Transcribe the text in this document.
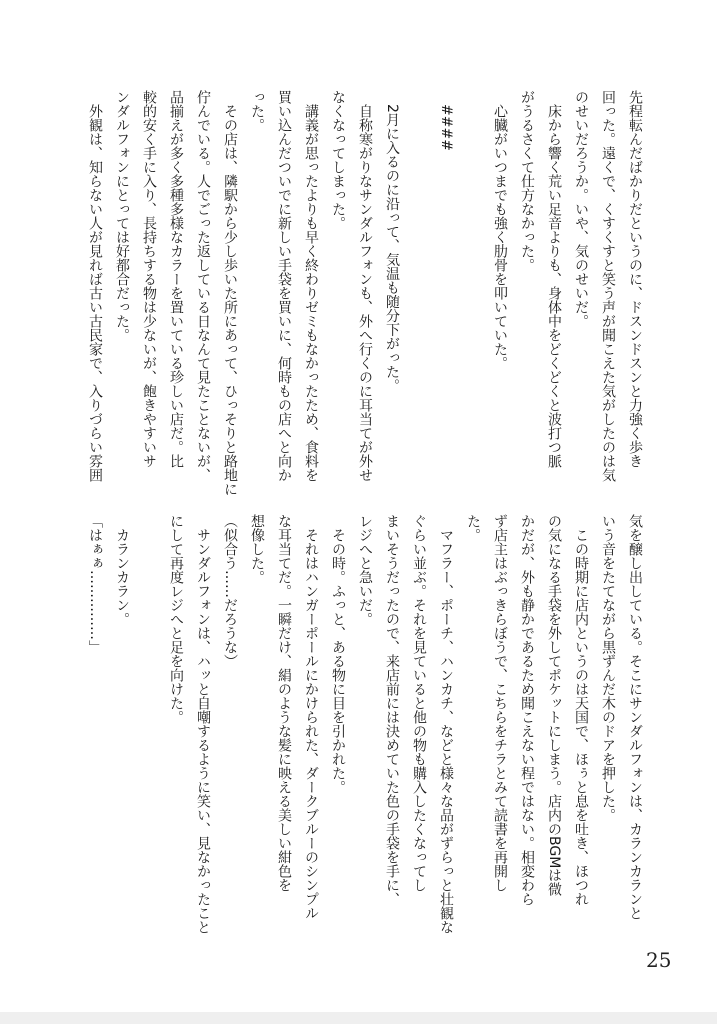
先程転んだばかりだというのに、ドスンドスンと力強く歩き
回った。遠くで、くすくすと笑う声が聞こえた気がしたのは気
のせいだろうか。いや、気のせいだ。
　床から響く荒い足音よりも、身体中をどくどくと波打つ脈
がうるさくて仕方なかった。
　心臓がいつまでも強く肋骨を叩いていた。
　####
　2月に入るのに沿って、気温も随分下がった。
　自称寒がりなサンダルフォンも、外へ行くのに耳当てが外せ
なくなってしまった。
　講義が思ったよりも早く終わりゼミもなかったため、食料を
買い込んだついでに新しい手袋を買いに、何時もの店へと向か
った。
　その店は、隣駅から少し歩いた所にあって、ひっそりと路地に
佇んでいる。人でごった返している日なんて見たことないが、
品揃えが多く多種多様なカラーを置いている珍しい店だ。比
較的安く手に入り、長持ちする物は少ないが、飽きやすいサ
ンダルフォンにとっては好都合だった。
　外観は、知らない人が見れば古い古民家で、入りづらい雰囲
気を醸し出している。そこにサンダルフォンは、カランカランと
いう音をたてながら黒ずんだ木のドアを押した。
　この時期に店内というのは天国で、ほぅと息を吐き、ほつれ
の気になる手袋を外してポケットにしまう。店内のBGMは微
かだが、外も静かであるため聞こえない程ではない。相変わら
ず店主はぶっきらぼうで、こちらをチラとみて読書を再開し
た。
　マフラー、ポーチ、ハンカチ、などと様々な品がずらっと壮観な
ぐらい並ぶ。それを見ていると他の物も購入したくなってし
まいそうだったので、来店前には決めていた色の手袋を手に、
レジへと急いだ。
　その時。ふっと、ある物に目を引かれた。
　それはハンガーポールにかけられた、ダークブルーのシンプル
な耳当てだ。一瞬だけ、絹のような髪に映える美しい紺色を
想像した。
（似合う……だろうな）
　サンダルフォンは、ハッと自嘲するように笑い、見なかったこと
にして再度レジへと足を向けた。
　カランカラン。
「はぁぁ……………」
25
